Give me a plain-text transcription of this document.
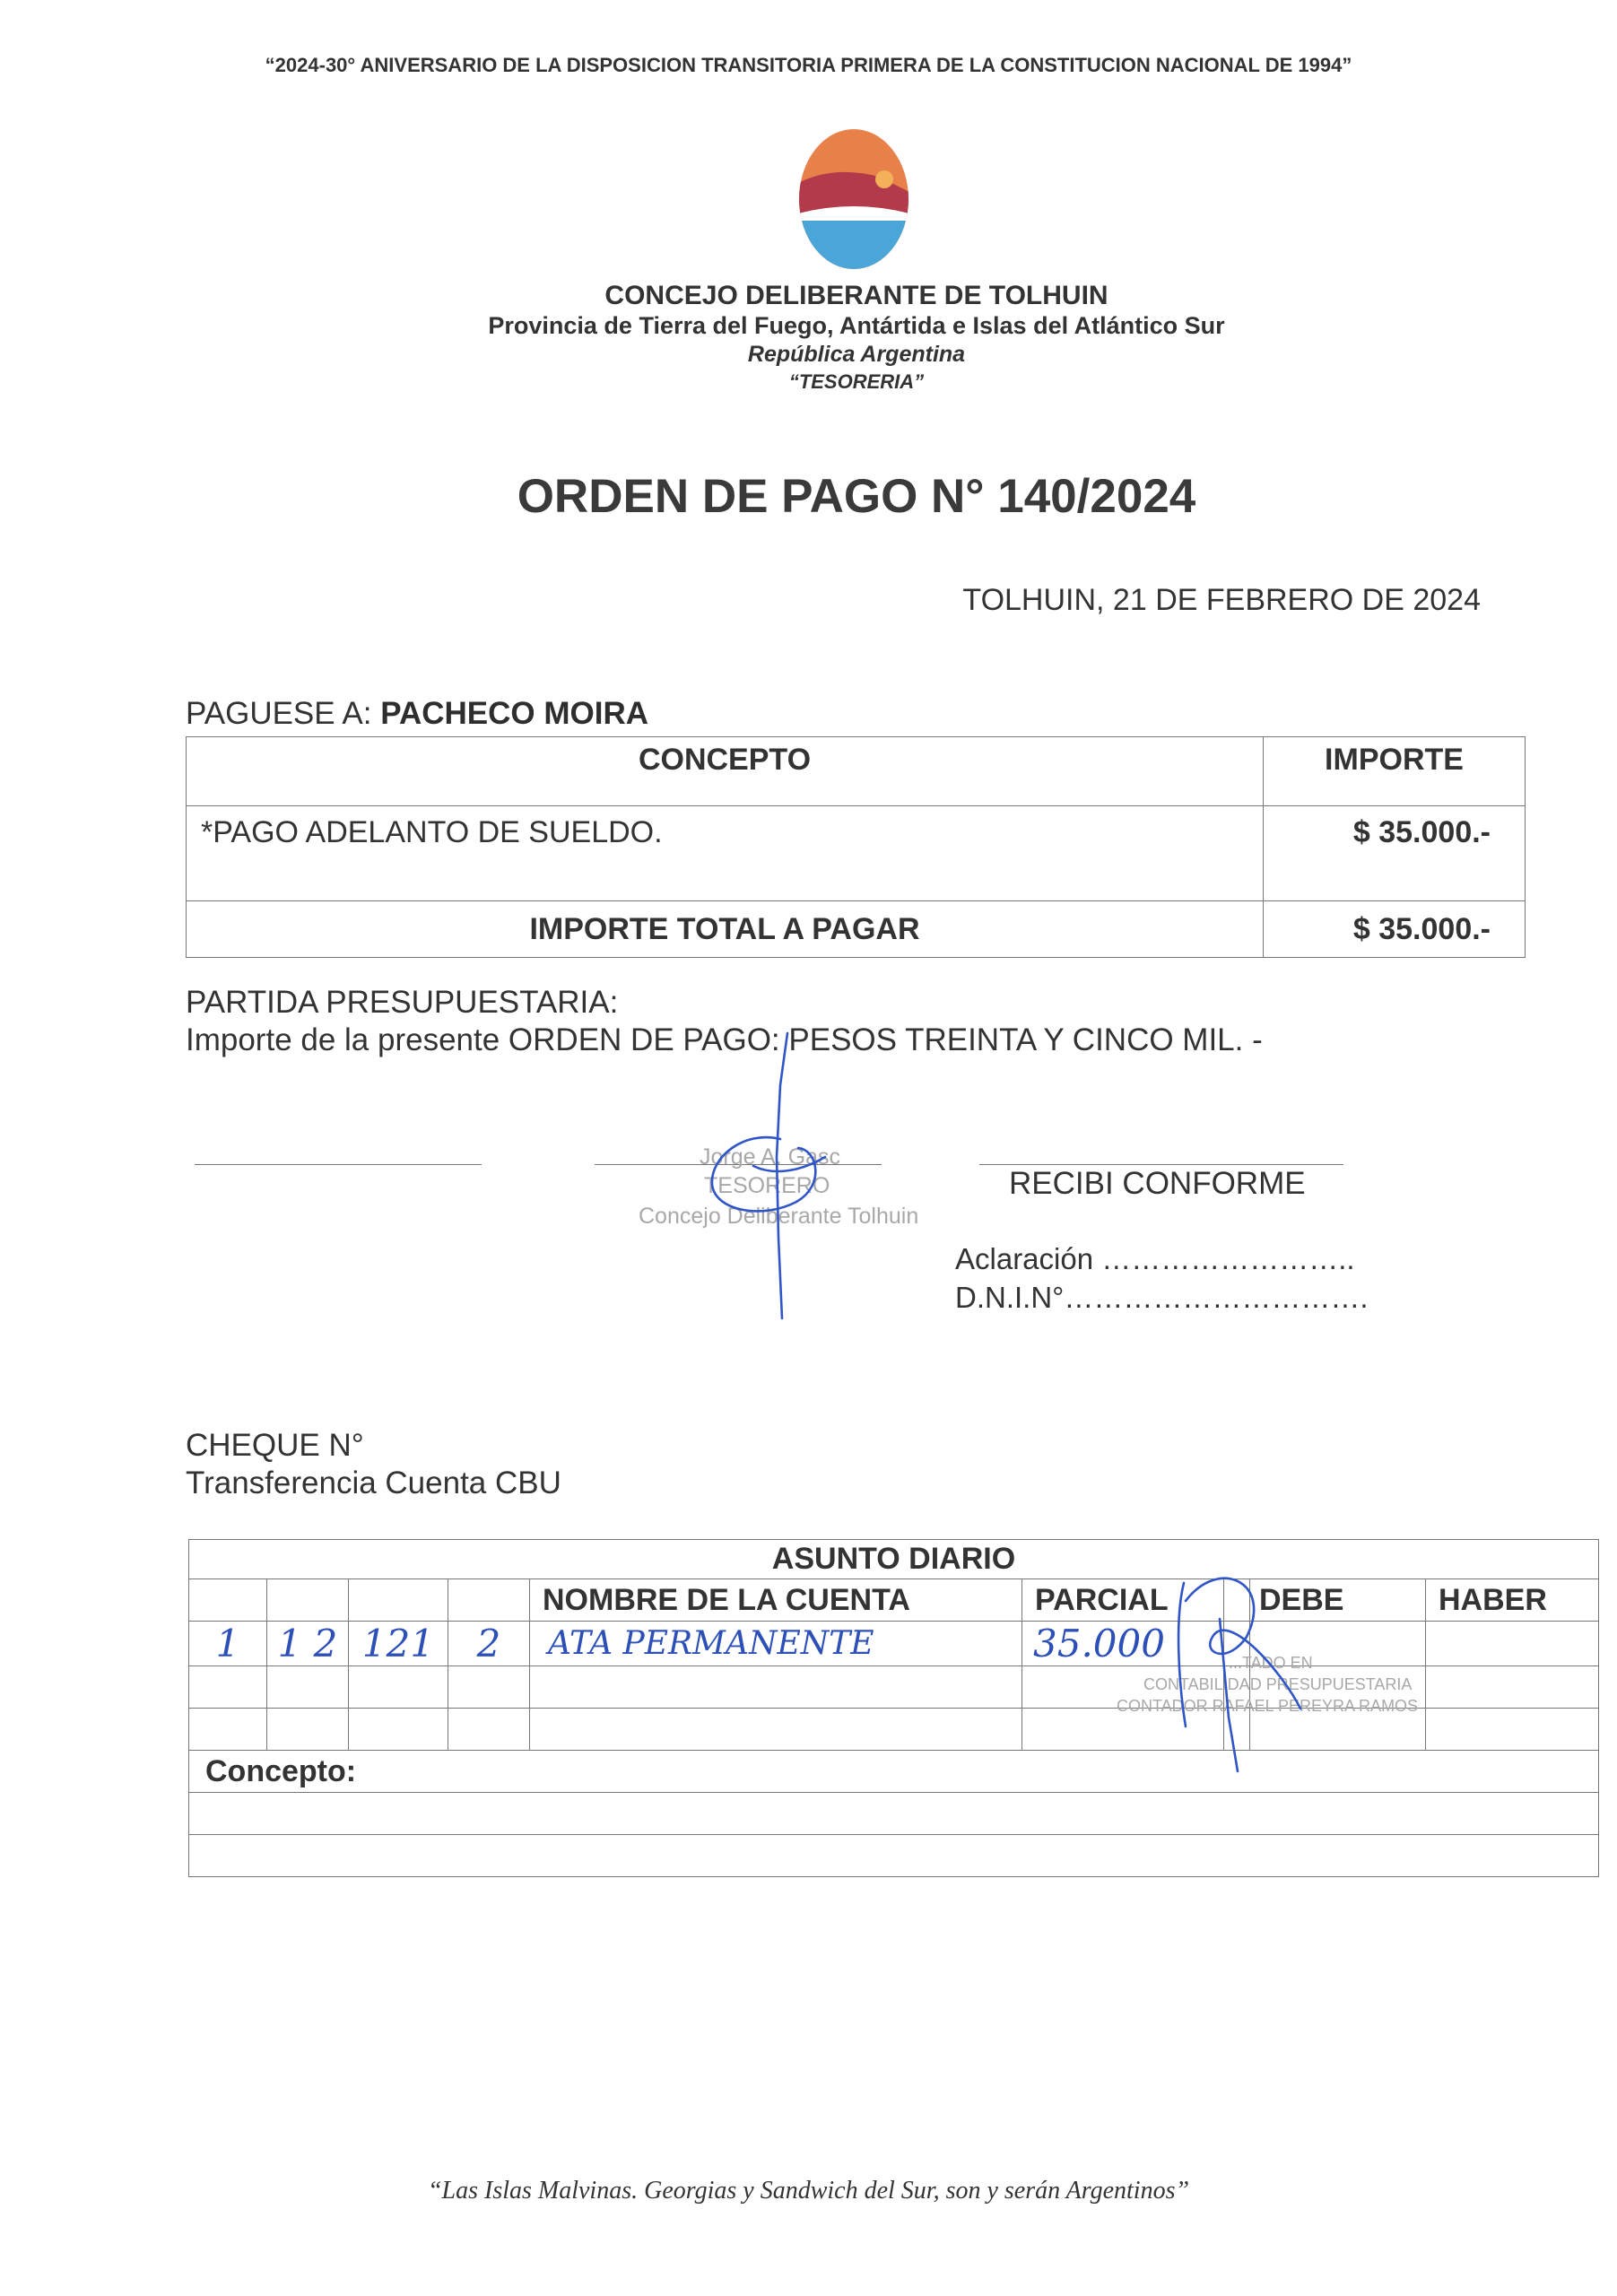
“2024-30° ANIVERSARIO DE LA DISPOSICION TRANSITORIA PRIMERA DE LA CONSTITUCION NACIONAL DE 1994”
CONCEJO DELIBERANTE DE TOLHUIN
Provincia de Tierra del Fuego, Antártida e Islas del Atlántico Sur
República Argentina
“TESORERIA”
ORDEN DE PAGO N° 140/2024
TOLHUIN, 21 DE FEBRERO DE 2024
PAGUESE A: PACHECO MOIRA
CONCEPTO	IMPORTE
*PAGO ADELANTO DE SUELDO.	$ 35.000.-
IMPORTE TOTAL A PAGAR	$ 35.000.-
PARTIDA PRESUPUESTARIA:
Importe de la presente ORDEN DE PAGO: PESOS TREINTA Y CINCO MIL. -
Jorge A. Gasc
TESORERO
Concejo Deliberante Tolhuin
RECIBI CONFORME
Aclaración ……………………..
D.N.I.N°………………………….
CHEQUE N°
Transferencia Cuenta CBU
ASUNTO DIARIO								
				NOMBRE DE LA CUENTA	PARCIAL		DEBE	HABER
1	1 2	121	2	ATA PERMANENTE	35.000			

Concepto:								

...TADO EN
CONTABILIDAD PRESUPUESTARIA
CONTADOR RAFAEL PEREYRA RAMOS
“Las Islas Malvinas. Georgias y Sandwich del Sur, son y serán Argentinos”
